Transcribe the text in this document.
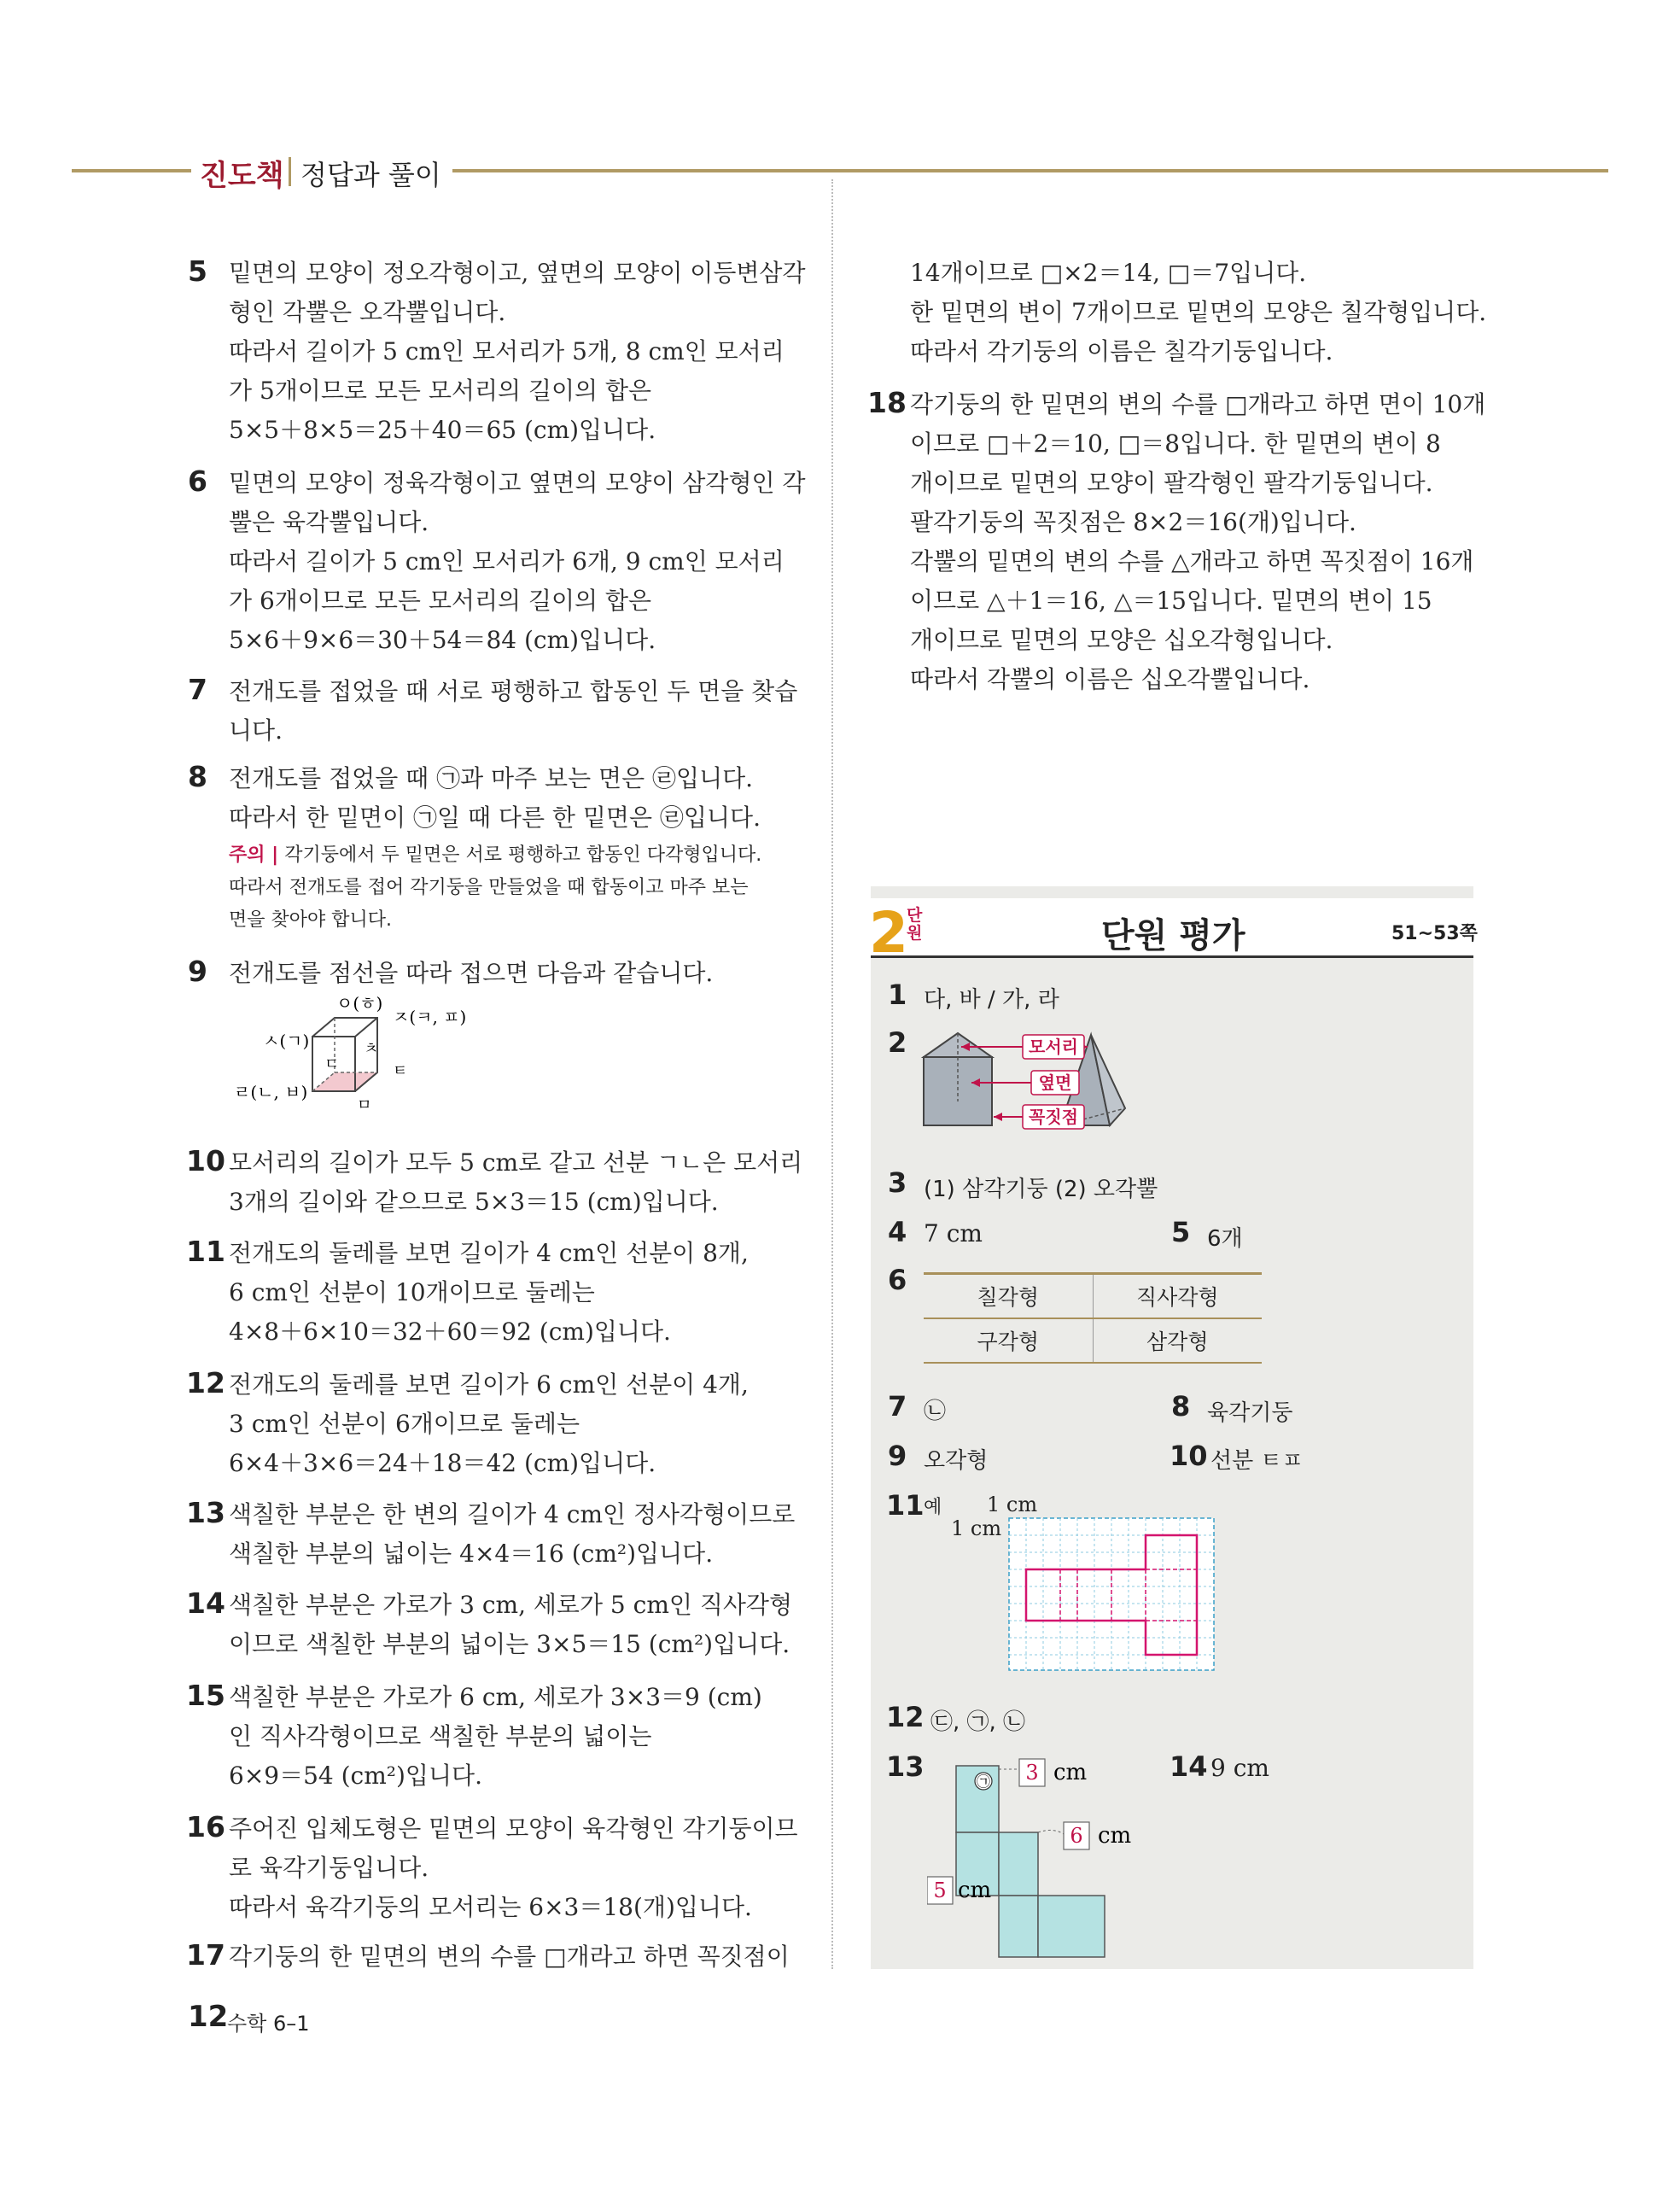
진도책 정답과 풀이
5 밑면의 모양이 정오각형이고, 옆면의 모양이 이등변삼각
형인 각뿔은 오각뿔입니다.
따라서 길이가 5 cm인 모서리가 5개, 8 cm인 모서리
가 5개이므로 모든 모서리의 길이의 합은
5×5＋8×5＝25＋40＝65 (cm)입니다.
6 밑면의 모양이 정육각형이고 옆면의 모양이 삼각형인 각
뿔은 육각뿔입니다.
따라서 길이가 5 cm인 모서리가 6개, 9 cm인 모서리
가 6개이므로 모든 모서리의 길이의 합은
5×6＋9×6＝30＋54＝84 (cm)입니다.
7 전개도를 접었을 때 서로 평행하고 합동인 두 면을 찾습
니다.
8 전개도를 접었을 때 ㉠과 마주 보는 면은 ㉣입니다.
따라서 한 밑면이 ㉠일 때 다른 한 밑면은 ㉣입니다.
주의 | 각기둥에서 두 밑면은 서로 평행하고 합동인 다각형입니다.
따라서 전개도를 접어 각기둥을 만들었을 때 합동이고 마주 보는
면을 찾아야 합니다.
9 전개도를 점선을 따라 접으면 다음과 같습니다.
ㅇ(ㅎ)
ㅈ(ㅋ, ㅍ)
ㅅ(ㄱ)
ㄹ(ㄴ, ㅂ)
ㄷ
ㅊ
ㅌ
ㅁ
10 모서리의 길이가 모두 5 cm로 같고 선분 ㄱㄴ은 모서리
3개의 길이와 같으므로 5×3＝15 (cm)입니다.
11 전개도의 둘레를 보면 길이가 4 cm인 선분이 8개,
6 cm인 선분이 10개이므로 둘레는
4×8＋6×10＝32＋60＝92 (cm)입니다.
12 전개도의 둘레를 보면 길이가 6 cm인 선분이 4개,
3 cm인 선분이 6개이므로 둘레는
6×4＋3×6＝24＋18＝42 (cm)입니다.
13 색칠한 부분은 한 변의 길이가 4 cm인 정사각형이므로
색칠한 부분의 넓이는 4×4＝16 (cm²)입니다.
14 색칠한 부분은 가로가 3 cm, 세로가 5 cm인 직사각형
이므로 색칠한 부분의 넓이는 3×5＝15 (cm²)입니다.
15 색칠한 부분은 가로가 6 cm, 세로가 3×3＝9 (cm)
인 직사각형이므로 색칠한 부분의 넓이는
6×9＝54 (cm²)입니다.
16 주어진 입체도형은 밑면의 모양이 육각형인 각기둥이므
로 육각기둥입니다.
따라서 육각기둥의 모서리는 6×3＝18(개)입니다.
17 각기둥의 한 밑면의 변의 수를 □개라고 하면 꼭짓점이
14개이므로 □×2＝14, □＝7입니다.
한 밑면의 변이 7개이므로 밑면의 모양은 칠각형입니다.
따라서 각기둥의 이름은 칠각기둥입니다.
18 각기둥의 한 밑면의 변의 수를 □개라고 하면 면이 10개
이므로 □＋2＝10, □＝8입니다. 한 밑면의 변이 8
개이므로 밑면의 모양이 팔각형인 팔각기둥입니다.
팔각기둥의 꼭짓점은 8×2＝16(개)입니다.
각뿔의 밑면의 변의 수를 △개라고 하면 꼭짓점이 16개
이므로 △＋1＝16, △＝15입니다. 밑면의 변이 15
개이므로 밑면의 모양은 십오각형입니다.
따라서 각뿔의 이름은 십오각뿔입니다.
2
단원	단원 평가	51~53쪽
1 다, 바 / 가, 라
2	모서리
옆면
꼭짓점
3 (1) 삼각기둥 (2) 오각뿔
4 7 cm	5 6개
6
칠각형	직사각형
구각형	삼각형
7 ㉡	8 육각기둥
9 오각형	10 선분 ㅌㅍ
11 예 1 cm
1 cm
12 ㉢, ㉠, ㉡
13	㉠ 3 cm
6 cm
5 cm
14 9 cm
12
수학 6–1
